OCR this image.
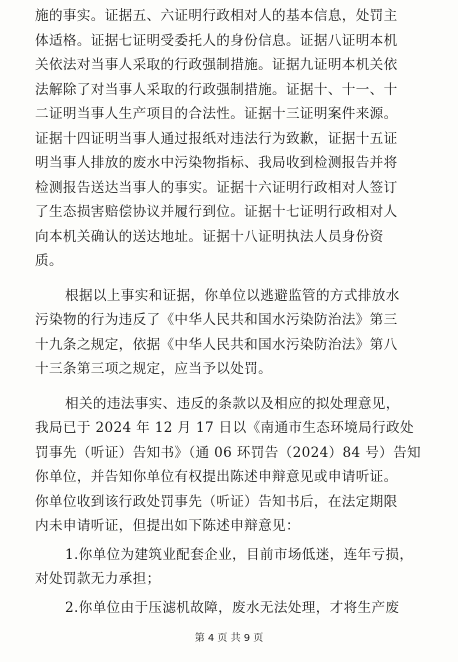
施的事实。证据五、六证明行政相对人的基本信息，处罚主
体适格。证据七证明受委托人的身份信息。证据八证明本机
关依法对当事人采取的行政强制措施。证据九证明本机关依
法解除了对当事人采取的行政强制措施。证据十、十一、十
二证明当事人生产项目的合法性。证据十三证明案件来源。
证据十四证明当事人通过报纸对违法行为致歉，证据十五证
明当事人排放的废水中污染物指标、我局收到检测报告并将
检测报告送达当事人的事实。证据十六证明行政相对人签订
了生态损害赔偿协议并履行到位。证据十七证明行政相对人
向本机关确认的送达地址。证据十八证明执法人员身份资
质。
根据以上事实和证据，你单位以逃避监管的方式排放水
污染物的行为违反了《中华人民共和国水污染防治法》第三
十九条之规定，依据《中华人民共和国水污染防治法》第八
十三条第三项之规定，应当予以处罚。
相关的违法事实、违反的条款以及相应的拟处理意见，
我局已于 2024 年 12 月 17 日以《南通市生态环境局行政处
罚事先（听证）告知书》（通 06 环罚告（2024）84 号）告知
你单位，并告知你单位有权提出陈述申辩意见或申请听证。
你单位收到该行政处罚事先（听证）告知书后，在法定期限
内未申请听证，但提出如下陈述申辩意见：
1.你单位为建筑业配套企业，目前市场低迷，连年亏损，
对处罚款无力承担；
2.你单位由于压滤机故障，废水无法处理，才将生产废
第 4 页 共 9 页
